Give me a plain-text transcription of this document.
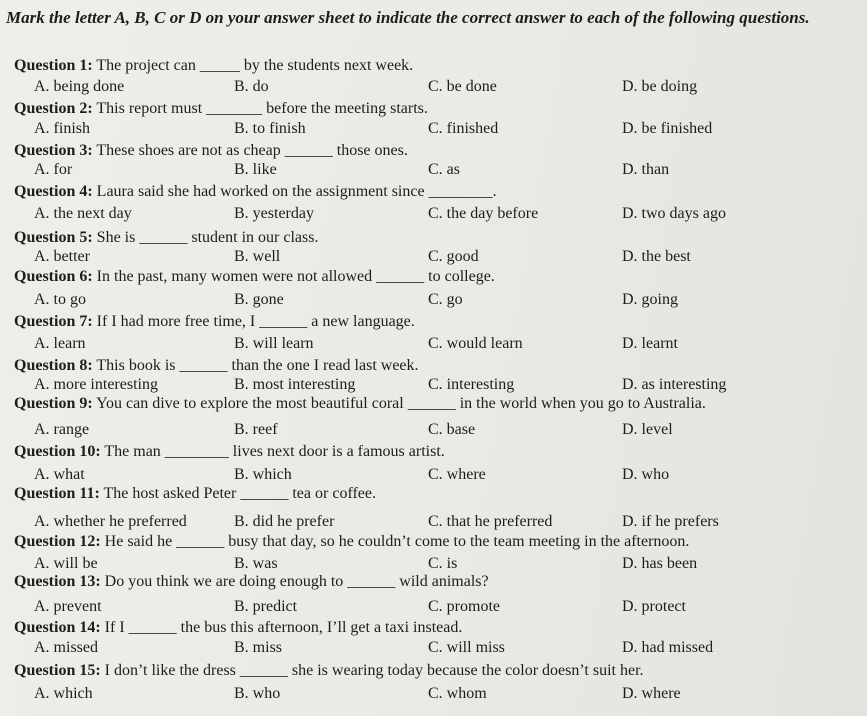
Mark the letter A, B, C or D on your answer sheet to indicate the correct answer to each of the following questions.
Question 1: The project can _____ by the students next week.
A. being done	B. do	C. be done	D. be doing
Question 2: This report must _______ before the meeting starts.
A. finish	B. to finish	C. finished	D. be finished
Question 3: These shoes are not as cheap ______ those ones.
A. for	B. like	C. as	D. than
Question 4: Laura said she had worked on the assignment since ________.
A. the next day	B. yesterday	C. the day before	D. two days ago
Question 5: She is ______ student in our class.
A. better	B. well	C. good	D. the best
Question 6: In the past, many women were not allowed ______ to college.
A. to go	B. gone	C. go	D. going
Question 7: If I had more free time, I ______ a new language.
A. learn	B. will learn	C. would learn	D. learnt
Question 8: This book is ______ than the one I read last week.
A. more interesting	B. most interesting	C. interesting	D. as interesting
Question 9: You can dive to explore the most beautiful coral ______ in the world when you go to Australia.
A. range	B. reef	C. base	D. level
Question 10: The man ________ lives next door is a famous artist.
A. what	B. which	C. where	D. who
Question 11: The host asked Peter ______ tea or coffee.
A. whether he preferred	B. did he prefer	C. that he preferred	D. if he prefers
Question 12: He said he ______ busy that day, so he couldn’t come to the team meeting in the afternoon.
A. will be	B. was	C. is	D. has been
Question 13: Do you think we are doing enough to ______ wild animals?
A. prevent	B. predict	C. promote	D. protect
Question 14: If I ______ the bus this afternoon, I’ll get a taxi instead.
A. missed	B. miss	C. will miss	D. had missed
Question 15: I don’t like the dress ______ she is wearing today because the color doesn’t suit her.
A. which	B. who	C. whom	D. where
